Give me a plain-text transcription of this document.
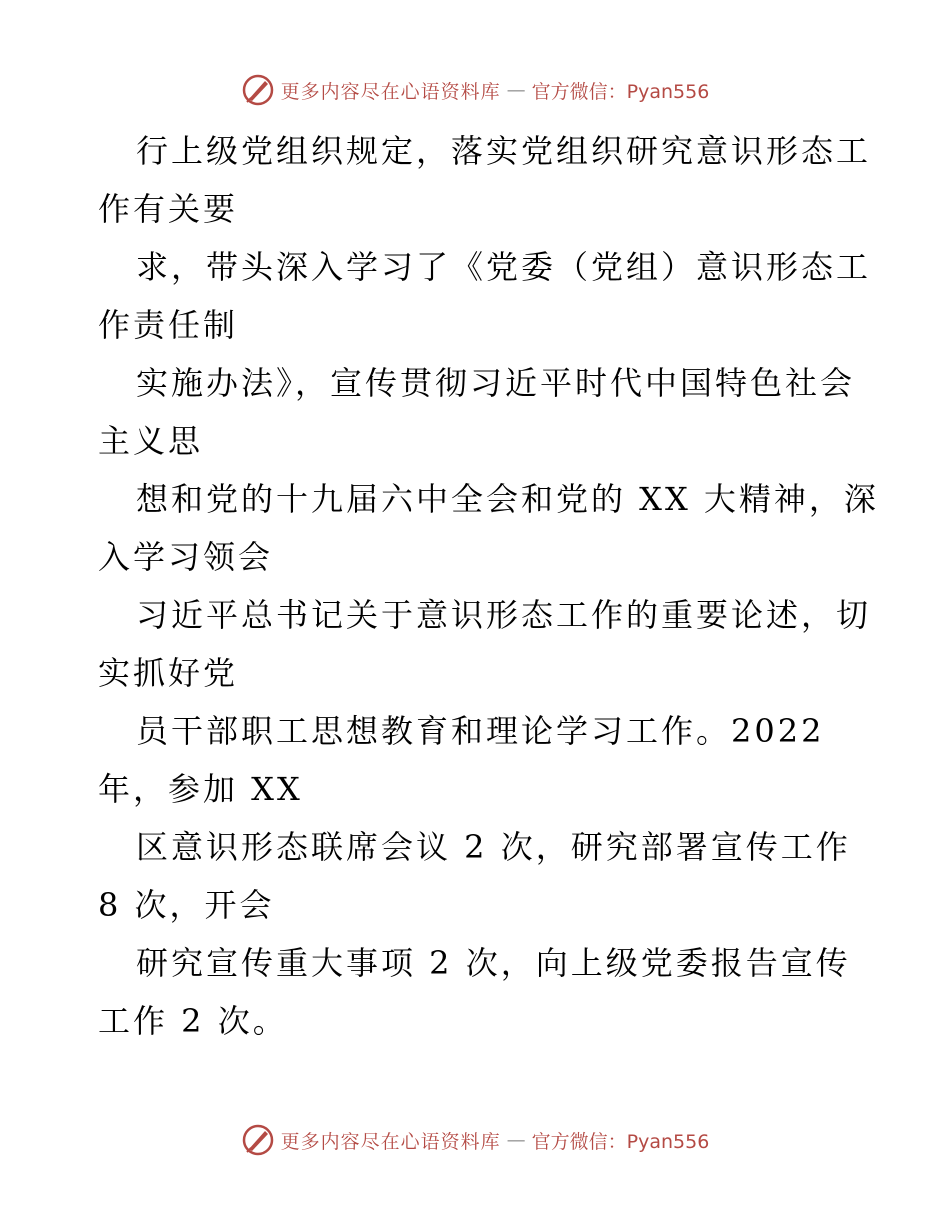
更多内容尽在心语资料库 — 官方微信：Pyan556
行上级党组织规定，落实党组织研究意识形态工
作有关要
求，带头深入学习了《党委（党组）意识形态工
作责任制
实施办法》，宣传贯彻习近平时代中国特色社会
主义思
想和党的十九届六中全会和党的 XX 大精神，深
入学习领会
习近平总书记关于意识形态工作的重要论述，切
实抓好党
员干部职工思想教育和理论学习工作。2022
年，参加 XX
区意识形态联席会议 2 次，研究部署宣传工作
8 次，开会
研究宣传重大事项 2 次，向上级党委报告宣传
工作 2 次。
更多内容尽在心语资料库 — 官方微信：Pyan556
